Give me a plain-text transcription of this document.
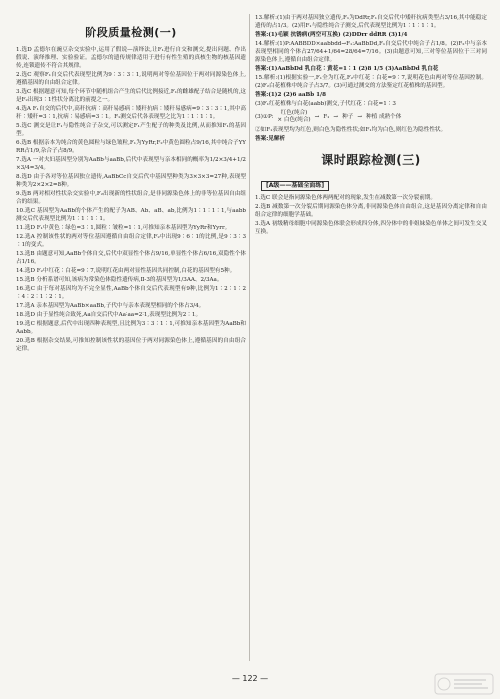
阶段质量检测(一)
1.选D 孟德尔在豌豆杂交实验中,运用了假说—演绎法,让F₁进行自交和测交,提出问题、作出假说、演绎推理、实验验证。孟德尔的遗传规律适用于进行有性生殖的真核生物的核基因遗传,连锁遗传不符合其规律。
2.选C 观察F₁自交后代表现型比例为9∶3∶3∶1,说明两对等位基因位于两对同源染色体上,遵循基因的自由组合定律。
3.选C 根据题意可知,每个环节中随机组合产生的后代比例接近,F₁的雌雄配子结合是随机的,这是F₂出现3∶1性状分离比的前提之一。
4.选A F₁自交的后代中,高秆抗病∶高秆易感病∶矮秆抗病∶矮秆易感病=9∶3∶3∶1,其中高秆∶矮秆=3∶1,抗病∶易感病=3∶1。F₁测交后代各表现型之比为1∶1∶1∶1。
5.选C 测交是让F₁与隐性纯合子杂交,可以测定F₁产生配子的种类及比例,从而推知F₁的基因型。
6.选B 根据亲本为纯合的黄色圆粒与绿色皱粒,F₁为YyRr,F₂中黄色圆粒占9/16,其中纯合子YYRR占1/9,杂合子占8/9。
7.选A 一对夫妇基因型分别为AaBb与aaBb,后代中表现型与亲本相同的概率为1/2×3/4+1/2×3/4=3/4。
8.选D 由于各对等位基因独立遗传,AaBbCc自交后代中基因型种类为3×3×3=27种,表现型种类为2×2×2=8种。
9.选B 两对相对性状杂交实验中,F₂出现新的性状组合,是非同源染色体上的非等位基因自由组合的结果。
10.选C 基因型为AaBb的个体产生的配子为AB、Ab、aB、ab,比例为1∶1∶1∶1,与aabb测交后代表现型比例为1∶1∶1∶1。
11.选D F₁中黄色∶绿色=3∶1,圆粒∶皱粒=1∶1,可推知亲本基因型为YyRr和Yyrr。
12.选A 控制该性状的两对等位基因遵循自由组合定律,F₂中出现9∶6∶1的比例,是9∶3∶3∶1的变式。
13.选B 由题意可知,AaBb个体自交,后代中双显性个体占9/16,单显性个体占6/16,双隐性个体占1/16。
14.选D F₂中红花∶白花=9∶7,说明红花由两对显性基因共同控制,白花的基因型有5种。
15.选B 分析系谱可知,该病为常染色体隐性遗传病,Ⅱ-3的基因型为1/3AA、2/3Aa。
16.选C 由于每对基因均为不完全显性,AaBb个体自交后代表现型有9种,比例为1∶2∶1∶2∶4∶2∶1∶2∶1。
17.选A 亲本基因型为AaBb×aaBb,子代中与亲本表现型相同的个体占3/4。
18.选D 由于显性纯合致死,Aa自交后代中Aa∶aa=2∶1,表现型比例为2∶1。
19.选C 根据题意,后代中出现四种表现型,且比例为3∶3∶1∶1,可推知亲本基因型为AaBb和Aabb。
20.选B 根据杂交结果,可推知控制该性状的基因位于两对同源染色体上,遵循基因的自由组合定律。
13.解析:(1)由于两对基因独立遗传,F₁为DdRr,F₁自交后代中矮秆抗病类型占3/16,其中能稳定遗传的占1/3。(2)用F₁与隐性纯合子测交,后代表现型比例为1∶1∶1∶1。
答案:(1)毛颖 抗锈病(两空可互换) (2)DDrr ddRR (3)1/4
14.解析:(1)P:AABBDD×aabbdd→F₁:AaBbDd,F₁自交后代中纯合子占1/8。(2)F₂中与亲本表现型相同的个体占27/64+1/64=28/64=7/16。(3)由题意可知,三对等位基因位于三对同源染色体上,遵循自由组合定律。
答案:(1)AaBbDd 乳白花∶黄花=1∶1 (2)8 1/5 (3)AaBbDd 乳白花
15.解析:(1)根据实验一,F₁全为红花,F₂中红花∶白花=9∶7,说明花色由两对等位基因控制。(2)F₂白花植株中纯合子占3/7。(3)可通过测交的方法鉴定红花植株的基因型。
答案:(1)2 (2)6 aaBb 1/8
(3)F₁红花植株与白花(aabb)测交,子代红花∶白花=1∶3
(3)①P:
红色(纯合)
× 白色(纯合)
→ F₁ → 种子 → 种植 成熟个体
②如F₁表现型均为红色,则白色为隐性性状;如F₁均为白色,则红色为隐性性状。
答案:见解析
课时跟踪检测(三)
[A级——基础全面练]
1.选C 联会是指同源染色体两两配对的现象,发生在减数第一次分裂前期。
2.选B 减数第一次分裂后期同源染色体分离,非同源染色体自由组合,这是基因分离定律和自由组合定律的细胞学基础。
3.选A 初级精母细胞中同源染色体联会形成四分体,四分体中的非姐妹染色单体之间可发生交叉互换。
— 122 —
